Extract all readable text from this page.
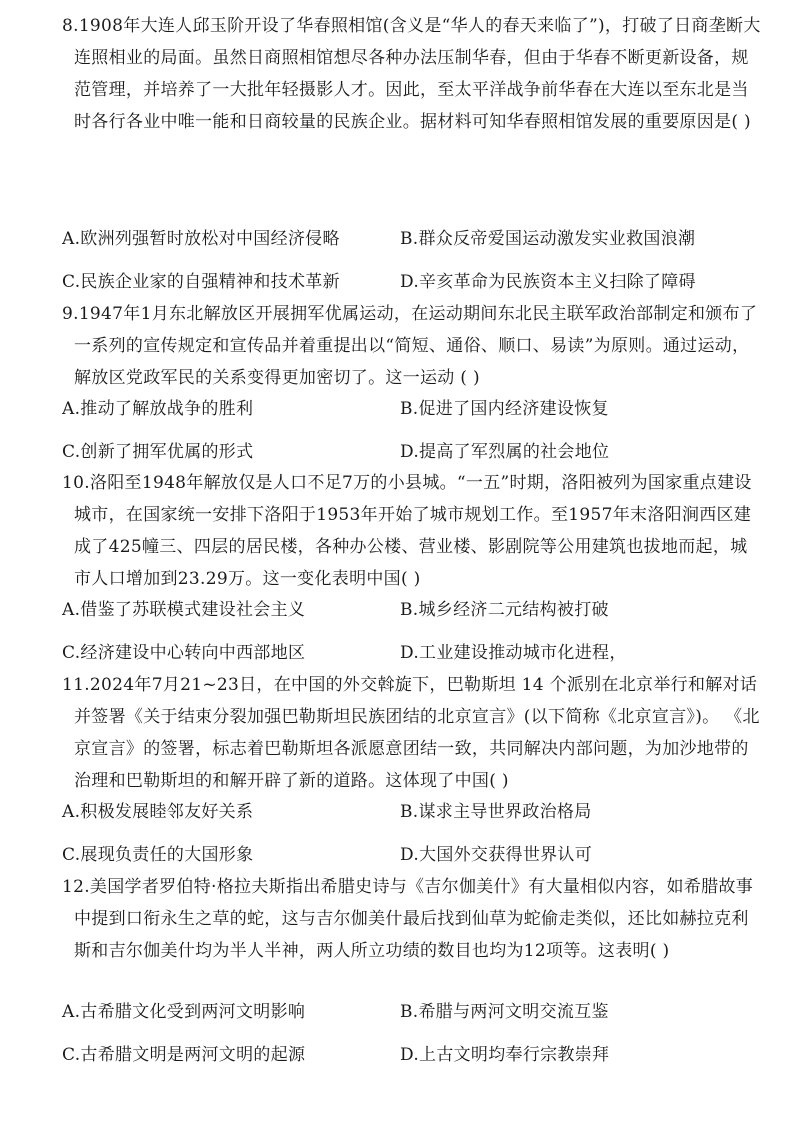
8.1908年大连人邱玉阶开设了华春照相馆(含义是“华人的春天来临了”)，打破了日商垄断大连照相业的局面。虽然日商照相馆想尽各种办法压制华春，但由于华春不断更新设备，规范管理，并培养了一大批年轻摄影人才。因此，至太平洋战争前华春在大连以至东北是当时各行各业中唯一能和日商较量的民族企业。据材料可知华春照相馆发展的重要原因是( )

A.欧洲列强暂时放松对中国经济侵略	B.群众反帝爱国运动激发实业救国浪潮
C.民族企业家的自强精神和技术革新	D.辛亥革命为民族资本主义扫除了障碍

9.1947年1月东北解放区开展拥军优属运动，在运动期间东北民主联军政治部制定和颁布了一系列的宣传规定和宣传品并着重提出以“简短、通俗、顺口、易读”为原则。通过运动，解放区党政军民的关系变得更加密切了。这一运动 ( )

A.推动了解放战争的胜利	B.促进了国内经济建设恢复
C.创新了拥军优属的形式	D.提高了军烈属的社会地位

10.洛阳至1948年解放仅是人口不足7万的小县城。“一五”时期，洛阳被列为国家重点建设城市，在国家统一安排下洛阳于1953年开始了城市规划工作。至1957年末洛阳涧西区建成了425幢三、四层的居民楼，各种办公楼、营业楼、影剧院等公用建筑也拔地而起，城市人口增加到23.29万。这一变化表明中国( )

A.借鉴了苏联模式建设社会主义	B.城乡经济二元结构被打破
C.经济建设中心转向中西部地区	D.工业建设推动城市化进程，

11.2024年7月21~23日，在中国的外交斡旋下，巴勒斯坦 14 个派别在北京举行和解对话并签署《关于结束分裂加强巴勒斯坦民族团结的北京宣言》(以下简称《北京宣言》)。 《北京宣言》的签署，标志着巴勒斯坦各派愿意团结一致，共同解决内部问题，为加沙地带的治理和巴勒斯坦的和解开辟了新的道路。这体现了中国( )

A.积极发展睦邻友好关系	B.谋求主导世界政治格局
C.展现负责任的大国形象	D.大国外交获得世界认可

12.美国学者罗伯特·格拉夫斯指出希腊史诗与《吉尔伽美什》有大量相似内容，如希腊故事中提到口衔永生之草的蛇，这与吉尔伽美什最后找到仙草为蛇偷走类似，还比如赫拉克利斯和吉尔伽美什均为半人半神，两人所立功绩的数目也均为12项等。这表明( )

A.古希腊文化受到两河文明影响	B.希腊与两河文明交流互鉴
C.古希腊文明是两河文明的起源	D.上古文明均奉行宗教崇拜
